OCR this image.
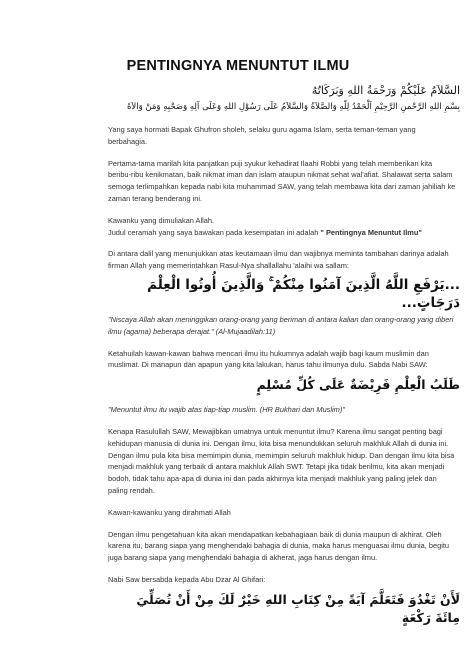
PENTINGNYA MENUNTUT ILMU
السَّلاَمُ عَلَيْكُمْ وَرَحْمَةُ اللهِ وَبَرَكَاتُهُ
بِسْمِ اللهِ الرَّحْمنِ الرَّحِيْمِ اَلْحَمْدُ لِلّهِ وَالصَّلاَةُ وَالسَّلاَمُ عَلَى رَسُوْلِ اللهِ وَعَلَى آلِهِ وَصَحْبِهِ وَمَنْ وَالاَهُ

Yang saya hormati Bapak Ghufron sholeh, selaku guru agama Islam, serta teman-teman yang berbahagia.

Pertama-tama marilah kita panjatkan puji syukur kehadirat Ilaahi Robbi yang telah memberikan kita beribu-ribu kenikmatan, baik nikmat iman dan islam ataupun nikmat sehat wal'afiat. Shalawat serta salam semoga terlimpahkan kepada nabi kita muhammad SAW, yang telah membawa kita dari zaman jahiliah ke zaman terang benderang ini.

Kawanku yang dimuliakan Allah.

Judul ceramah yang saya bawakan pada kesempatan ini adalah " Pentingnya Menuntut Ilmu"

Di antara dalil yang menunjukkan atas keutamaan ilmu dan wajibnya meminta tambahan darinya adalah firman Allah yang memerintahkan Rasul-Nya shallallahu 'alaihi wa sallam:

...يَرْفَعِ اللَّهُ الَّذِينَ آمَنُوا مِنْكُمْ ۚ وَالَّذِينَ أُوتُوا الْعِلْمَ دَرَجَاتٍ...

"Niscaya Allah akan meninggikan orang-orang yang beriman di antara kalian dan orang-orang yang diberi ilmu (agama) beberapa derajat." (Al-Mujaadilah:11)

Ketahuilah kawan-kawan bahwa mencari ilmu itu hukumnya adalah wajib bagi kaum muslimin dan muslimat. Di manapun dan apapun yang kita lakukan, harus tahu ilmunya dulu. Sabda Nabi SAW:

طَلَبُ الْعِلْمِ فَرِيْضَةٌ عَلَى كُلِّ مُسْلِمٍ

"Menuntut ilmu itu wajib atas tiap-tiap muslim. (HR Bukhari dan Muslim)"

Kenapa Rasulullah SAW, Mewajibkan umatnya untuk menuntut ilmu? Karena ilmu sangat penting bagi kehidupan manusia di dunia ini. Dengan ilmu, kita bisa menundukkan seluruh makhluk Allah di dunia ini. Dengan ilmu pula kita bisa memimpin dunia, memimpin seluruh makhluk hidup. Dan dengan ilmu kita bisa menjadi makhluk yang terbaik di antara makhluk Allah SWT. Tetapi jika tidak berilmu, kita akan menjadi bodoh, tidak tahu apa-apa di dunia ini dan pada akhirnya kita menjadi makhluk yang paling jelek dan paling rendah.

Kawan-kawanku yang dirahmati Allah

Dengan ilmu pengetahuan kita akan mendapatkan kebahagiaan baik di dunia maupun di akhirat. Oleh karena itu, barang siapa yang menghendaki bahagia di dunia, maka harus menguasai ilmu dunia, begitu juga barang siapa yang menghendaki bahagia di akherat, jaga harus dengan ilmu.

Nabi Saw bersabda kepada Abu Dzar Al Ghifari:

لَأَنْ تَغْدُوَ فَتَعَلَّمَ آيَةً مِنْ كِتَابِ اللهِ خَيْرٌ لَكَ مِنْ أَنْ تُصَلِّيَ مِائَةَ رَكْعَةٍ
